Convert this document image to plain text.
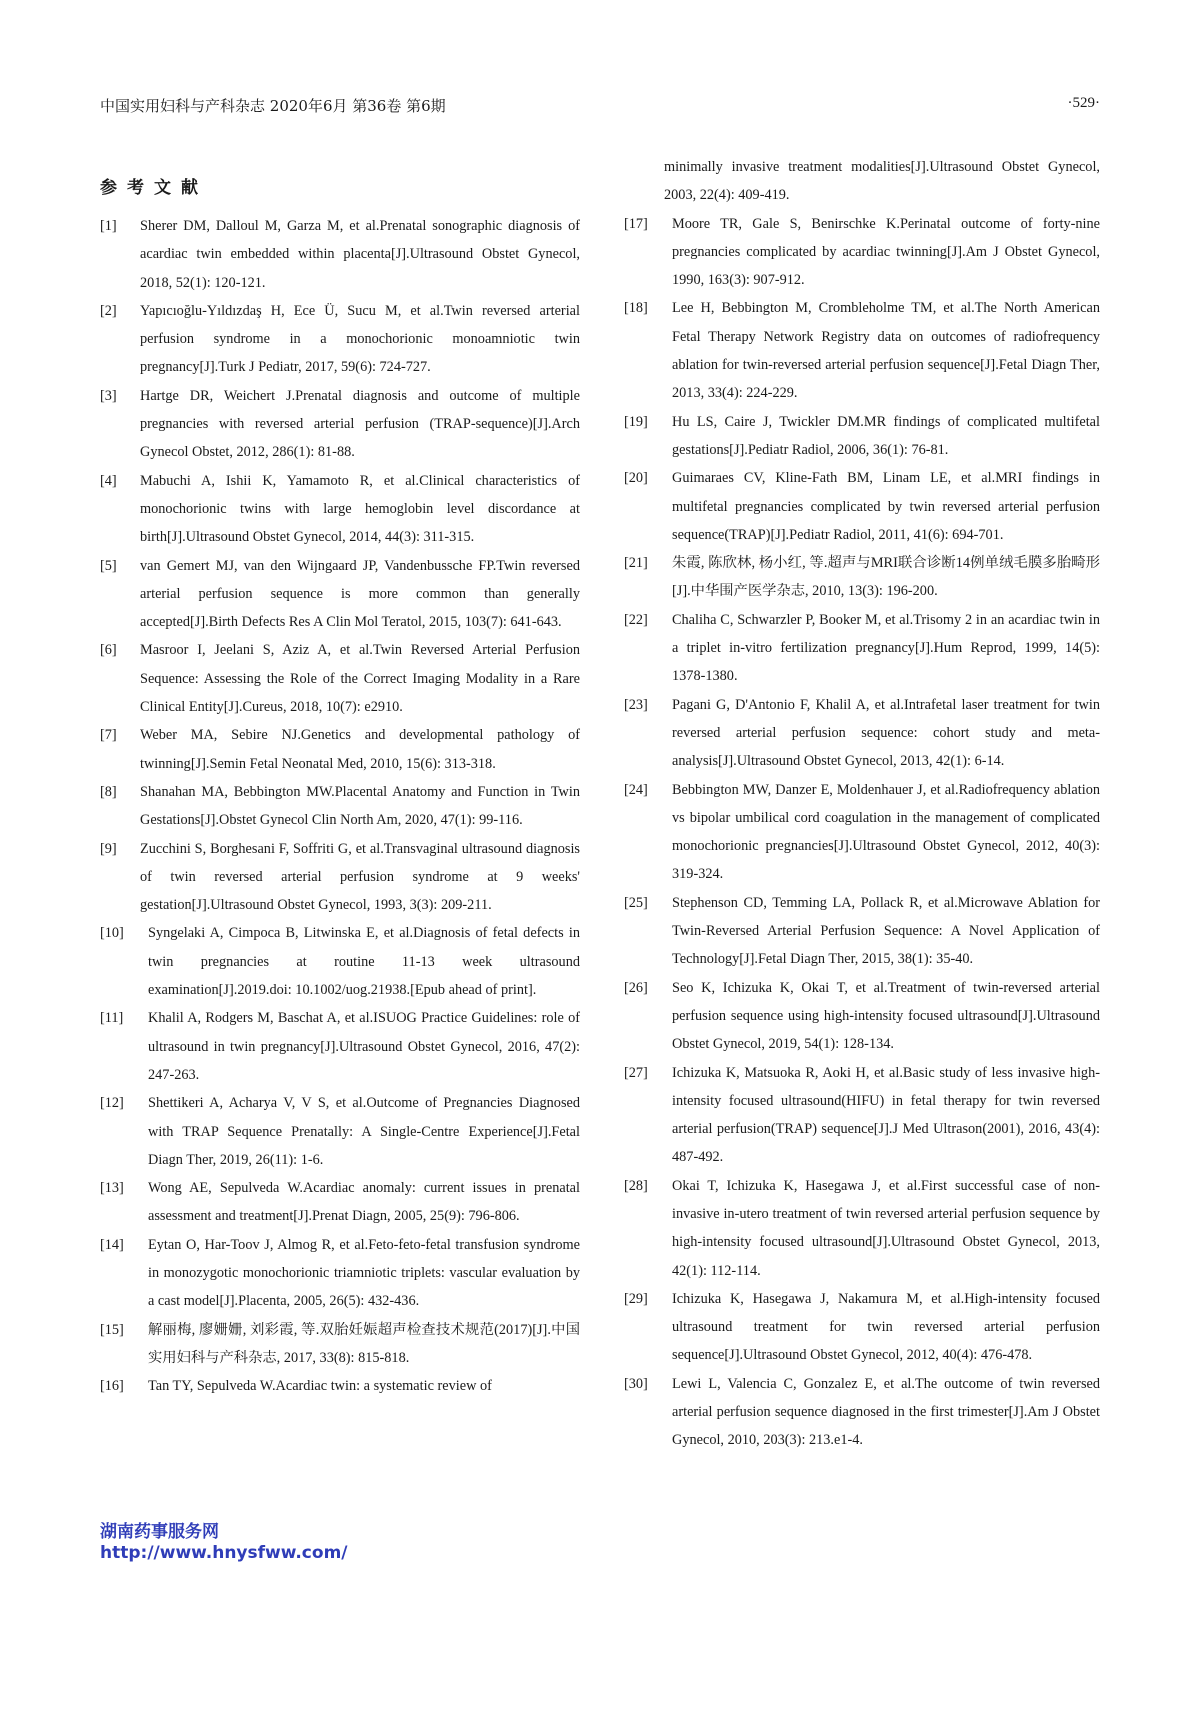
中国实用妇科与产科杂志 2020年6月 第36卷 第6期	·529·
参考文献
[1]	Sherer DM, Dalloul M, Garza M, et al.Prenatal sonographic diagnosis of acardiac twin embedded within placenta[J].Ultrasound Obstet Gynecol, 2018, 52(1): 120-121.
[2]	Yapıcıoğlu-Yıldızdaş H, Ece Ü, Sucu M, et al.Twin reversed arterial perfusion syndrome in a monochorionic monoamniotic twin pregnancy[J].Turk J Pediatr, 2017, 59(6): 724-727.
[3]	Hartge DR, Weichert J.Prenatal diagnosis and outcome of multiple pregnancies with reversed arterial perfusion (TRAP-sequence)[J].Arch Gynecol Obstet, 2012, 286(1): 81-88.
[4]	Mabuchi A, Ishii K, Yamamoto R, et al.Clinical characteristics of monochorionic twins with large hemoglobin level discordance at birth[J].Ultrasound Obstet Gynecol, 2014, 44(3): 311-315.
[5]	van Gemert MJ, van den Wijngaard JP, Vandenbussche FP.Twin reversed arterial perfusion sequence is more common than generally accepted[J].Birth Defects Res A Clin Mol Teratol, 2015, 103(7): 641-643.
[6]	Masroor I, Jeelani S, Aziz A, et al.Twin Reversed Arterial Perfusion Sequence: Assessing the Role of the Correct Imaging Modality in a Rare Clinical Entity[J].Cureus, 2018, 10(7): e2910.
[7]	Weber MA, Sebire NJ.Genetics and developmental pathology of twinning[J].Semin Fetal Neonatal Med, 2010, 15(6): 313-318.
[8]	Shanahan MA, Bebbington MW.Placental Anatomy and Function in Twin Gestations[J].Obstet Gynecol Clin North Am, 2020, 47(1): 99-116.
[9]	Zucchini S, Borghesani F, Soffriti G, et al.Transvaginal ultrasound diagnosis of twin reversed arterial perfusion syndrome at 9 weeks' gestation[J].Ultrasound Obstet Gynecol, 1993, 3(3): 209-211.
[10]	Syngelaki A, Cimpoca B, Litwinska E, et al.Diagnosis of fetal defects in twin pregnancies at routine 11-13 week ultrasound examination[J].2019.doi: 10.1002/uog.21938.[Epub ahead of print].
[11]	Khalil A, Rodgers M, Baschat A, et al.ISUOG Practice Guidelines: role of ultrasound in twin pregnancy[J].Ultrasound Obstet Gynecol, 2016, 47(2): 247-263.
[12]	Shettikeri A, Acharya V, V S, et al.Outcome of Pregnancies Diagnosed with TRAP Sequence Prenatally: A Single-Centre Experience[J].Fetal Diagn Ther, 2019, 26(11): 1-6.
[13]	Wong AE, Sepulveda W.Acardiac anomaly: current issues in prenatal assessment and treatment[J].Prenat Diagn, 2005, 25(9): 796-806.
[14]	Eytan O, Har-Toov J, Almog R, et al.Feto-feto-fetal transfusion syndrome in monozygotic monochorionic triamniotic triplets: vascular evaluation by a cast model[J].Placenta, 2005, 26(5): 432-436.
[15]	解丽梅, 廖姗姗, 刘彩霞, 等.双胎妊娠超声检查技术规范(2017)[J].中国实用妇科与产科杂志, 2017, 33(8): 815-818.
[16]	Tan TY, Sepulveda W.Acardiac twin: a systematic review of
minimally invasive treatment modalities[J].Ultrasound Obstet Gynecol, 2003, 22(4): 409-419.
[17]	Moore TR, Gale S, Benirschke K.Perinatal outcome of forty-nine pregnancies complicated by acardiac twinning[J].Am J Obstet Gynecol, 1990, 163(3): 907-912.
[18]	Lee H, Bebbington M, Crombleholme TM, et al.The North American Fetal Therapy Network Registry data on outcomes of radiofrequency ablation for twin-reversed arterial perfusion sequence[J].Fetal Diagn Ther, 2013, 33(4): 224-229.
[19]	Hu LS, Caire J, Twickler DM.MR findings of complicated multifetal gestations[J].Pediatr Radiol, 2006, 36(1): 76-81.
[20]	Guimaraes CV, Kline-Fath BM, Linam LE, et al.MRI findings in multifetal pregnancies complicated by twin reversed arterial perfusion sequence(TRAP)[J].Pediatr Radiol, 2011, 41(6): 694-701.
[21]	朱霞, 陈欣林, 杨小红, 等.超声与MRI联合诊断14例单绒毛膜多胎畸形[J].中华围产医学杂志, 2010, 13(3): 196-200.
[22]	Chaliha C, Schwarzler P, Booker M, et al.Trisomy 2 in an acardiac twin in a triplet in-vitro fertilization pregnancy[J].Hum Reprod, 1999, 14(5): 1378-1380.
[23]	Pagani G, D'Antonio F, Khalil A, et al.Intrafetal laser treatment for twin reversed arterial perfusion sequence: cohort study and meta-analysis[J].Ultrasound Obstet Gynecol, 2013, 42(1): 6-14.
[24]	Bebbington MW, Danzer E, Moldenhauer J, et al.Radiofrequency ablation vs bipolar umbilical cord coagulation in the management of complicated monochorionic pregnancies[J].Ultrasound Obstet Gynecol, 2012, 40(3): 319-324.
[25]	Stephenson CD, Temming LA, Pollack R, et al.Microwave Ablation for Twin-Reversed Arterial Perfusion Sequence: A Novel Application of Technology[J].Fetal Diagn Ther, 2015, 38(1): 35-40.
[26]	Seo K, Ichizuka K, Okai T, et al.Treatment of twin-reversed arterial perfusion sequence using high-intensity focused ultrasound[J].Ultrasound Obstet Gynecol, 2019, 54(1): 128-134.
[27]	Ichizuka K, Matsuoka R, Aoki H, et al.Basic study of less invasive high-intensity focused ultrasound(HIFU) in fetal therapy for twin reversed arterial perfusion(TRAP) sequence[J].J Med Ultrason(2001), 2016, 43(4): 487-492.
[28]	Okai T, Ichizuka K, Hasegawa J, et al.First successful case of non-invasive in-utero treatment of twin reversed arterial perfusion sequence by high-intensity focused ultrasound[J].Ultrasound Obstet Gynecol, 2013, 42(1): 112-114.
[29]	Ichizuka K, Hasegawa J, Nakamura M, et al.High-intensity focused ultrasound treatment for twin reversed arterial perfusion sequence[J].Ultrasound Obstet Gynecol, 2012, 40(4): 476-478.
[30]	Lewi L, Valencia C, Gonzalez E, et al.The outcome of twin reversed arterial perfusion sequence diagnosed in the first trimester[J].Am J Obstet Gynecol, 2010, 203(3): 213.e1-4.
湖南药事服务网
http://www.hnysfww.com/
